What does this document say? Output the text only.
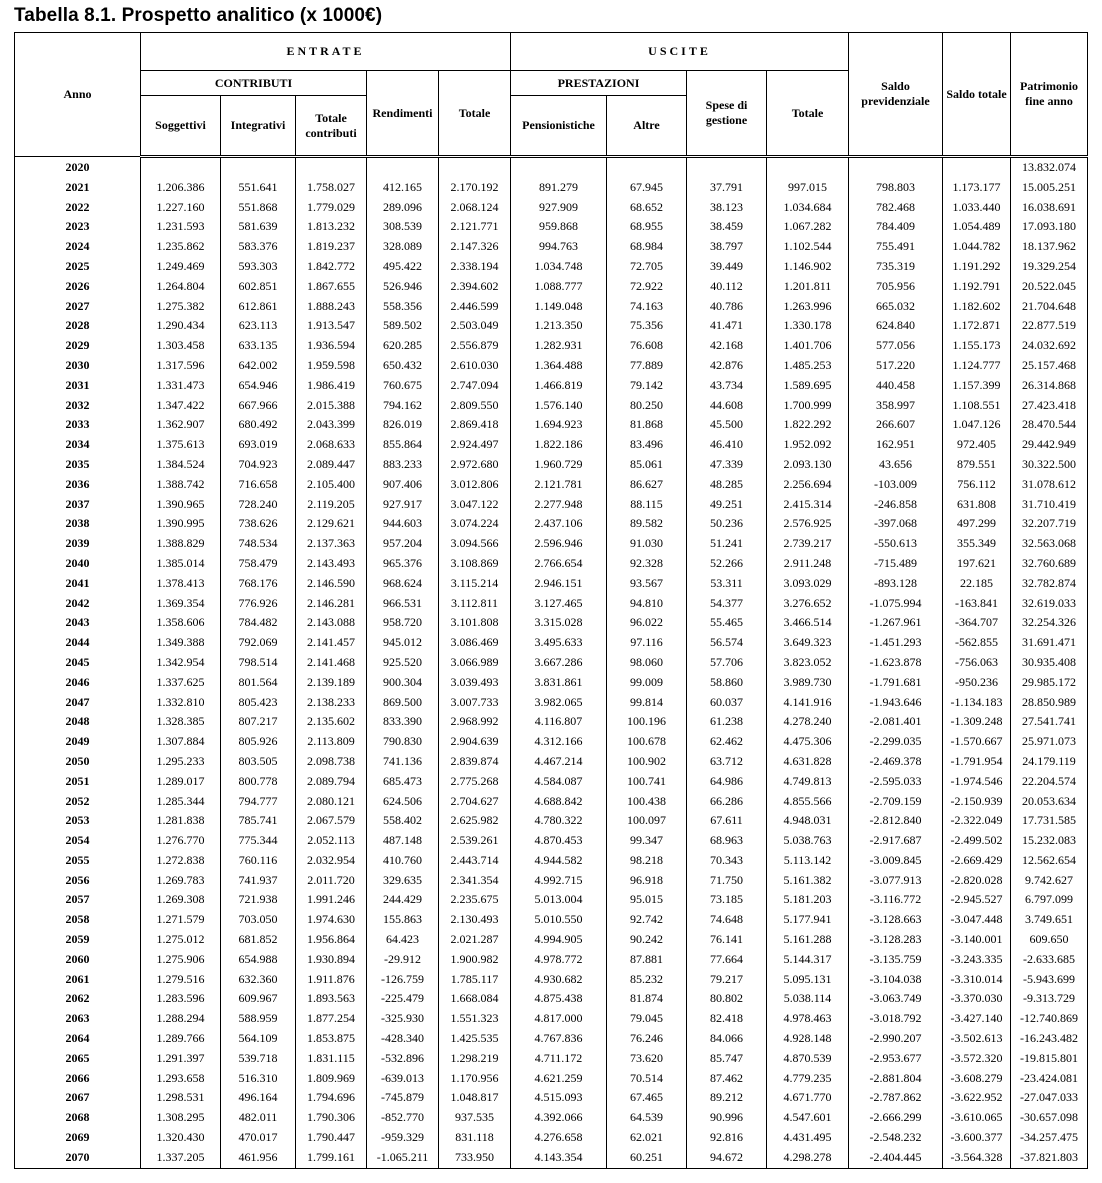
Tabella 8.1. Prospetto analitico (x 1000€)
Anno	ENTRATE					USCITE				Saldo previdenziale	Saldo totale	Patrimonio fine anno
	CONTRIBUTI			Rendimenti	Totale	PRESTAZIONI		Spese di gestione	Totale			
	Soggettivi	Integrativi	Totale contributi			Pensionistiche	Altre					
2020												13.832.074
2021	1.206.386	551.641	1.758.027	412.165	2.170.192	891.279	67.945	37.791	997.015	798.803	1.173.177	15.005.251
2022	1.227.160	551.868	1.779.029	289.096	2.068.124	927.909	68.652	38.123	1.034.684	782.468	1.033.440	16.038.691
2023	1.231.593	581.639	1.813.232	308.539	2.121.771	959.868	68.955	38.459	1.067.282	784.409	1.054.489	17.093.180
2024	1.235.862	583.376	1.819.237	328.089	2.147.326	994.763	68.984	38.797	1.102.544	755.491	1.044.782	18.137.962
2025	1.249.469	593.303	1.842.772	495.422	2.338.194	1.034.748	72.705	39.449	1.146.902	735.319	1.191.292	19.329.254
2026	1.264.804	602.851	1.867.655	526.946	2.394.602	1.088.777	72.922	40.112	1.201.811	705.956	1.192.791	20.522.045
2027	1.275.382	612.861	1.888.243	558.356	2.446.599	1.149.048	74.163	40.786	1.263.996	665.032	1.182.602	21.704.648
2028	1.290.434	623.113	1.913.547	589.502	2.503.049	1.213.350	75.356	41.471	1.330.178	624.840	1.172.871	22.877.519
2029	1.303.458	633.135	1.936.594	620.285	2.556.879	1.282.931	76.608	42.168	1.401.706	577.056	1.155.173	24.032.692
2030	1.317.596	642.002	1.959.598	650.432	2.610.030	1.364.488	77.889	42.876	1.485.253	517.220	1.124.777	25.157.468
2031	1.331.473	654.946	1.986.419	760.675	2.747.094	1.466.819	79.142	43.734	1.589.695	440.458	1.157.399	26.314.868
2032	1.347.422	667.966	2.015.388	794.162	2.809.550	1.576.140	80.250	44.608	1.700.999	358.997	1.108.551	27.423.418
2033	1.362.907	680.492	2.043.399	826.019	2.869.418	1.694.923	81.868	45.500	1.822.292	266.607	1.047.126	28.470.544
2034	1.375.613	693.019	2.068.633	855.864	2.924.497	1.822.186	83.496	46.410	1.952.092	162.951	972.405	29.442.949
2035	1.384.524	704.923	2.089.447	883.233	2.972.680	1.960.729	85.061	47.339	2.093.130	43.656	879.551	30.322.500
2036	1.388.742	716.658	2.105.400	907.406	3.012.806	2.121.781	86.627	48.285	2.256.694	-103.009	756.112	31.078.612
2037	1.390.965	728.240	2.119.205	927.917	3.047.122	2.277.948	88.115	49.251	2.415.314	-246.858	631.808	31.710.419
2038	1.390.995	738.626	2.129.621	944.603	3.074.224	2.437.106	89.582	50.236	2.576.925	-397.068	497.299	32.207.719
2039	1.388.829	748.534	2.137.363	957.204	3.094.566	2.596.946	91.030	51.241	2.739.217	-550.613	355.349	32.563.068
2040	1.385.014	758.479	2.143.493	965.376	3.108.869	2.766.654	92.328	52.266	2.911.248	-715.489	197.621	32.760.689
2041	1.378.413	768.176	2.146.590	968.624	3.115.214	2.946.151	93.567	53.311	3.093.029	-893.128	22.185	32.782.874
2042	1.369.354	776.926	2.146.281	966.531	3.112.811	3.127.465	94.810	54.377	3.276.652	-1.075.994	-163.841	32.619.033
2043	1.358.606	784.482	2.143.088	958.720	3.101.808	3.315.028	96.022	55.465	3.466.514	-1.267.961	-364.707	32.254.326
2044	1.349.388	792.069	2.141.457	945.012	3.086.469	3.495.633	97.116	56.574	3.649.323	-1.451.293	-562.855	31.691.471
2045	1.342.954	798.514	2.141.468	925.520	3.066.989	3.667.286	98.060	57.706	3.823.052	-1.623.878	-756.063	30.935.408
2046	1.337.625	801.564	2.139.189	900.304	3.039.493	3.831.861	99.009	58.860	3.989.730	-1.791.681	-950.236	29.985.172
2047	1.332.810	805.423	2.138.233	869.500	3.007.733	3.982.065	99.814	60.037	4.141.916	-1.943.646	-1.134.183	28.850.989
2048	1.328.385	807.217	2.135.602	833.390	2.968.992	4.116.807	100.196	61.238	4.278.240	-2.081.401	-1.309.248	27.541.741
2049	1.307.884	805.926	2.113.809	790.830	2.904.639	4.312.166	100.678	62.462	4.475.306	-2.299.035	-1.570.667	25.971.073
2050	1.295.233	803.505	2.098.738	741.136	2.839.874	4.467.214	100.902	63.712	4.631.828	-2.469.378	-1.791.954	24.179.119
2051	1.289.017	800.778	2.089.794	685.473	2.775.268	4.584.087	100.741	64.986	4.749.813	-2.595.033	-1.974.546	22.204.574
2052	1.285.344	794.777	2.080.121	624.506	2.704.627	4.688.842	100.438	66.286	4.855.566	-2.709.159	-2.150.939	20.053.634
2053	1.281.838	785.741	2.067.579	558.402	2.625.982	4.780.322	100.097	67.611	4.948.031	-2.812.840	-2.322.049	17.731.585
2054	1.276.770	775.344	2.052.113	487.148	2.539.261	4.870.453	99.347	68.963	5.038.763	-2.917.687	-2.499.502	15.232.083
2055	1.272.838	760.116	2.032.954	410.760	2.443.714	4.944.582	98.218	70.343	5.113.142	-3.009.845	-2.669.429	12.562.654
2056	1.269.783	741.937	2.011.720	329.635	2.341.354	4.992.715	96.918	71.750	5.161.382	-3.077.913	-2.820.028	9.742.627
2057	1.269.308	721.938	1.991.246	244.429	2.235.675	5.013.004	95.015	73.185	5.181.203	-3.116.772	-2.945.527	6.797.099
2058	1.271.579	703.050	1.974.630	155.863	2.130.493	5.010.550	92.742	74.648	5.177.941	-3.128.663	-3.047.448	3.749.651
2059	1.275.012	681.852	1.956.864	64.423	2.021.287	4.994.905	90.242	76.141	5.161.288	-3.128.283	-3.140.001	609.650
2060	1.275.906	654.988	1.930.894	-29.912	1.900.982	4.978.772	87.881	77.664	5.144.317	-3.135.759	-3.243.335	-2.633.685
2061	1.279.516	632.360	1.911.876	-126.759	1.785.117	4.930.682	85.232	79.217	5.095.131	-3.104.038	-3.310.014	-5.943.699
2062	1.283.596	609.967	1.893.563	-225.479	1.668.084	4.875.438	81.874	80.802	5.038.114	-3.063.749	-3.370.030	-9.313.729
2063	1.288.294	588.959	1.877.254	-325.930	1.551.323	4.817.000	79.045	82.418	4.978.463	-3.018.792	-3.427.140	-12.740.869
2064	1.289.766	564.109	1.853.875	-428.340	1.425.535	4.767.836	76.246	84.066	4.928.148	-2.990.207	-3.502.613	-16.243.482
2065	1.291.397	539.718	1.831.115	-532.896	1.298.219	4.711.172	73.620	85.747	4.870.539	-2.953.677	-3.572.320	-19.815.801
2066	1.293.658	516.310	1.809.969	-639.013	1.170.956	4.621.259	70.514	87.462	4.779.235	-2.881.804	-3.608.279	-23.424.081
2067	1.298.531	496.164	1.794.696	-745.879	1.048.817	4.515.093	67.465	89.212	4.671.770	-2.787.862	-3.622.952	-27.047.033
2068	1.308.295	482.011	1.790.306	-852.770	937.535	4.392.066	64.539	90.996	4.547.601	-2.666.299	-3.610.065	-30.657.098
2069	1.320.430	470.017	1.790.447	-959.329	831.118	4.276.658	62.021	92.816	4.431.495	-2.548.232	-3.600.377	-34.257.475
2070	1.337.205	461.956	1.799.161	-1.065.211	733.950	4.143.354	60.251	94.672	4.298.278	-2.404.445	-3.564.328	-37.821.803
